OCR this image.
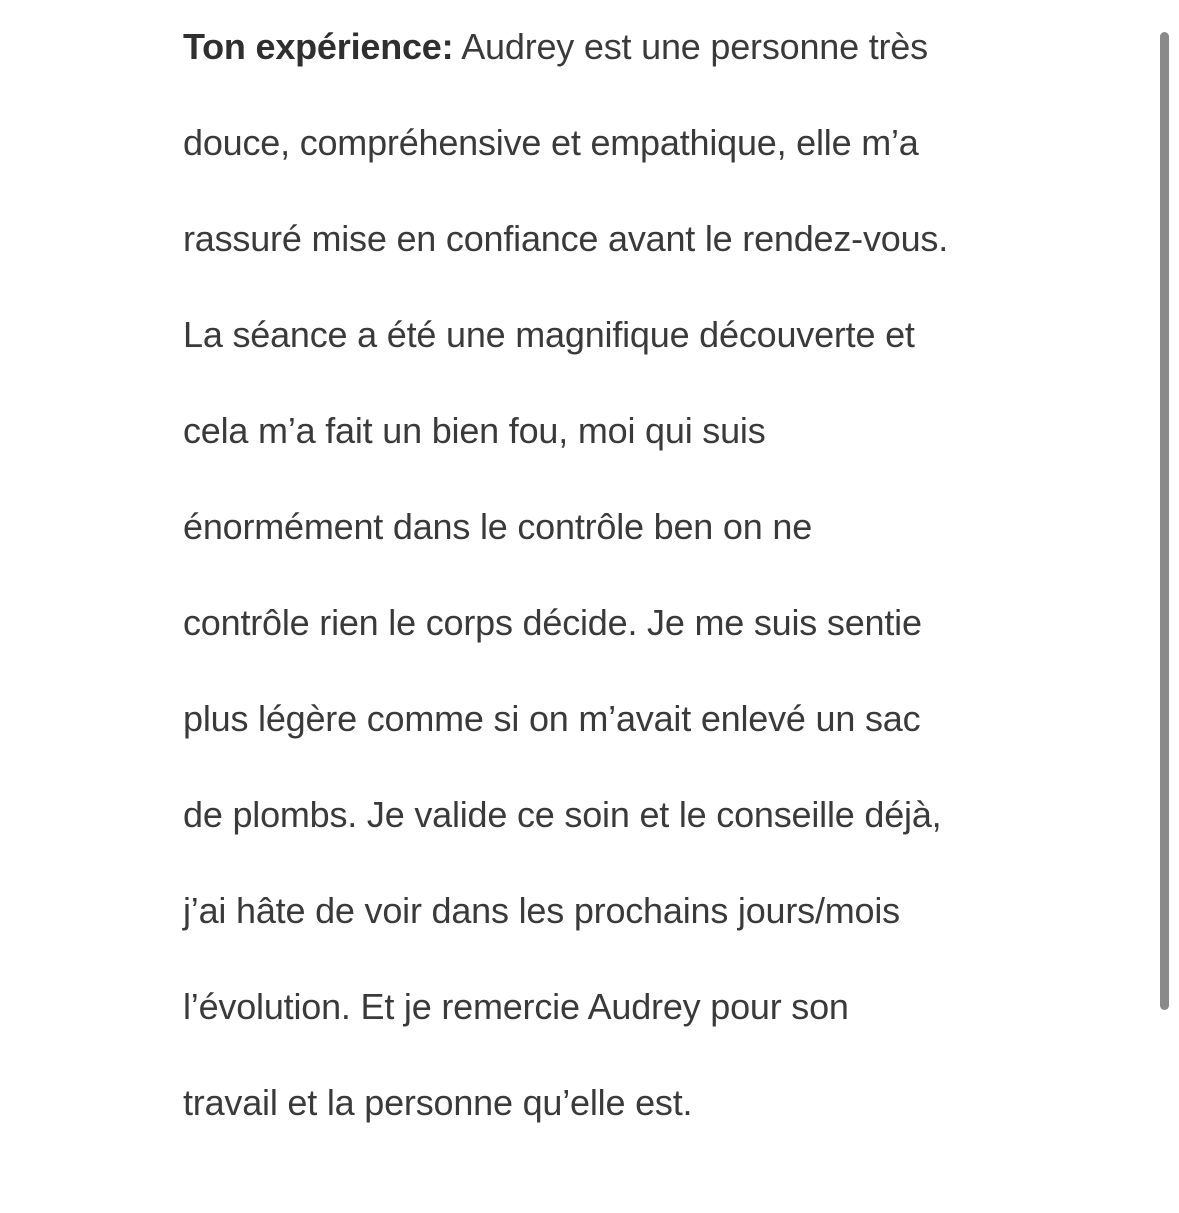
Ton expérience: Audrey est une personne très
douce, compréhensive et empathique, elle m’a
rassuré mise en confiance avant le rendez-vous.
La séance a été une magnifique découverte et
cela m’a fait un bien fou, moi qui suis
énormément dans le contrôle ben on ne
contrôle rien le corps décide. Je me suis sentie
plus légère comme si on m’avait enlevé un sac
de plombs. Je valide ce soin et le conseille déjà,
j’ai hâte de voir dans les prochains jours/mois
l’évolution. Et je remercie Audrey pour son
travail et la personne qu’elle est.
